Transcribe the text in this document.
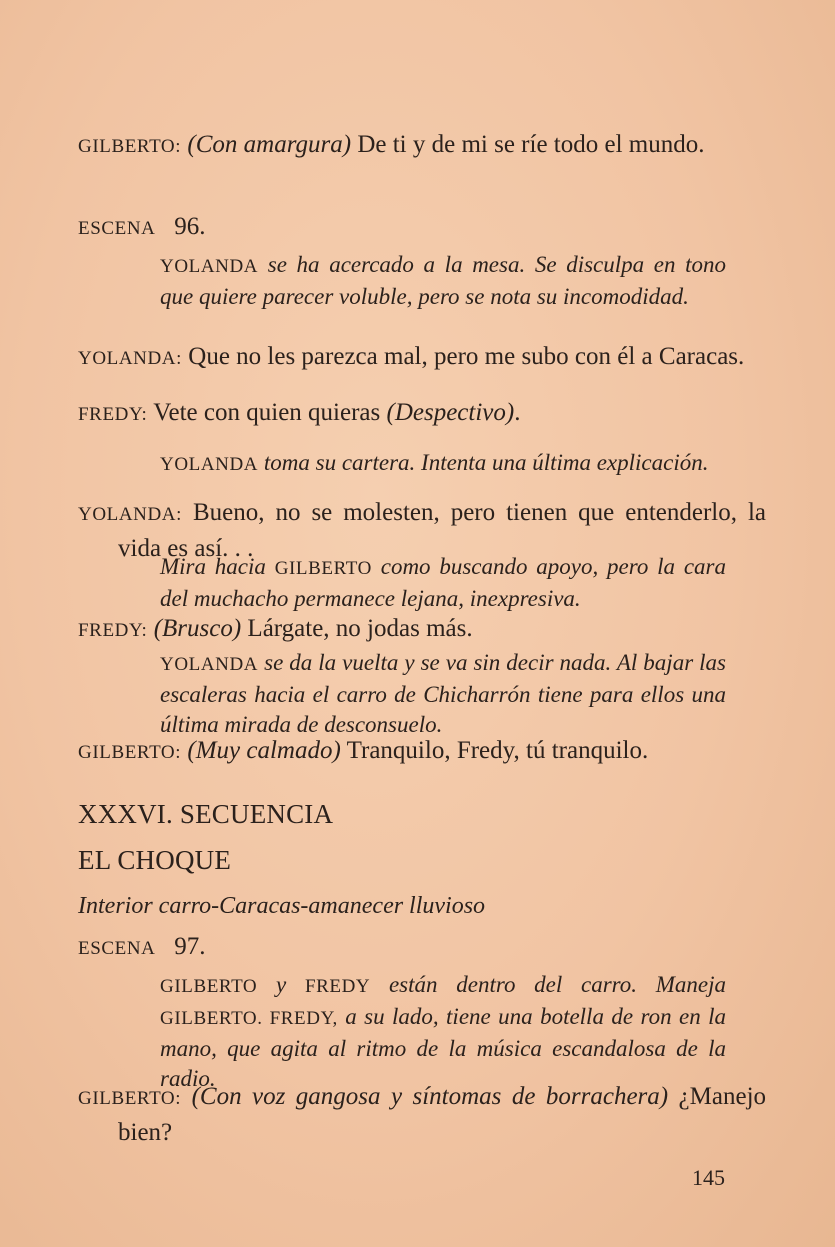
GILBERTO: (Con amargura) De ti y de mi se ríe todo el mundo.
ESCENA 96.
YOLANDA se ha acercado a la mesa. Se disculpa en tono que quiere parecer voluble, pero se nota su incomodidad.
YOLANDA: Que no les parezca mal, pero me subo con él a Caracas.
FREDY: Vete con quien quieras (Despectivo).
YOLANDA toma su cartera. Intenta una última explicación.
YOLANDA: Bueno, no se molesten, pero tienen que entenderlo, la vida es así. . .
Mira hacia GILBERTO como buscando apoyo, pero la cara del muchacho permanece lejana, inexpresiva.
FREDY: (Brusco) Lárgate, no jodas más.
YOLANDA se da la vuelta y se va sin decir nada. Al bajar las escaleras hacia el carro de Chicharrón tiene para ellos una última mirada de desconsuelo.
GILBERTO: (Muy calmado) Tranquilo, Fredy, tú tranquilo.
XXXVI. SECUENCIA
EL CHOQUE
Interior carro-Caracas-amanecer lluvioso
ESCENA 97.
GILBERTO y FREDY están dentro del carro. Maneja GILBERTO. FREDY, a su lado, tiene una botella de ron en la mano, que agita al ritmo de la música escandalosa de la radio.
GILBERTO: (Con voz gangosa y síntomas de borrachera) ¿Manejo bien?
145
